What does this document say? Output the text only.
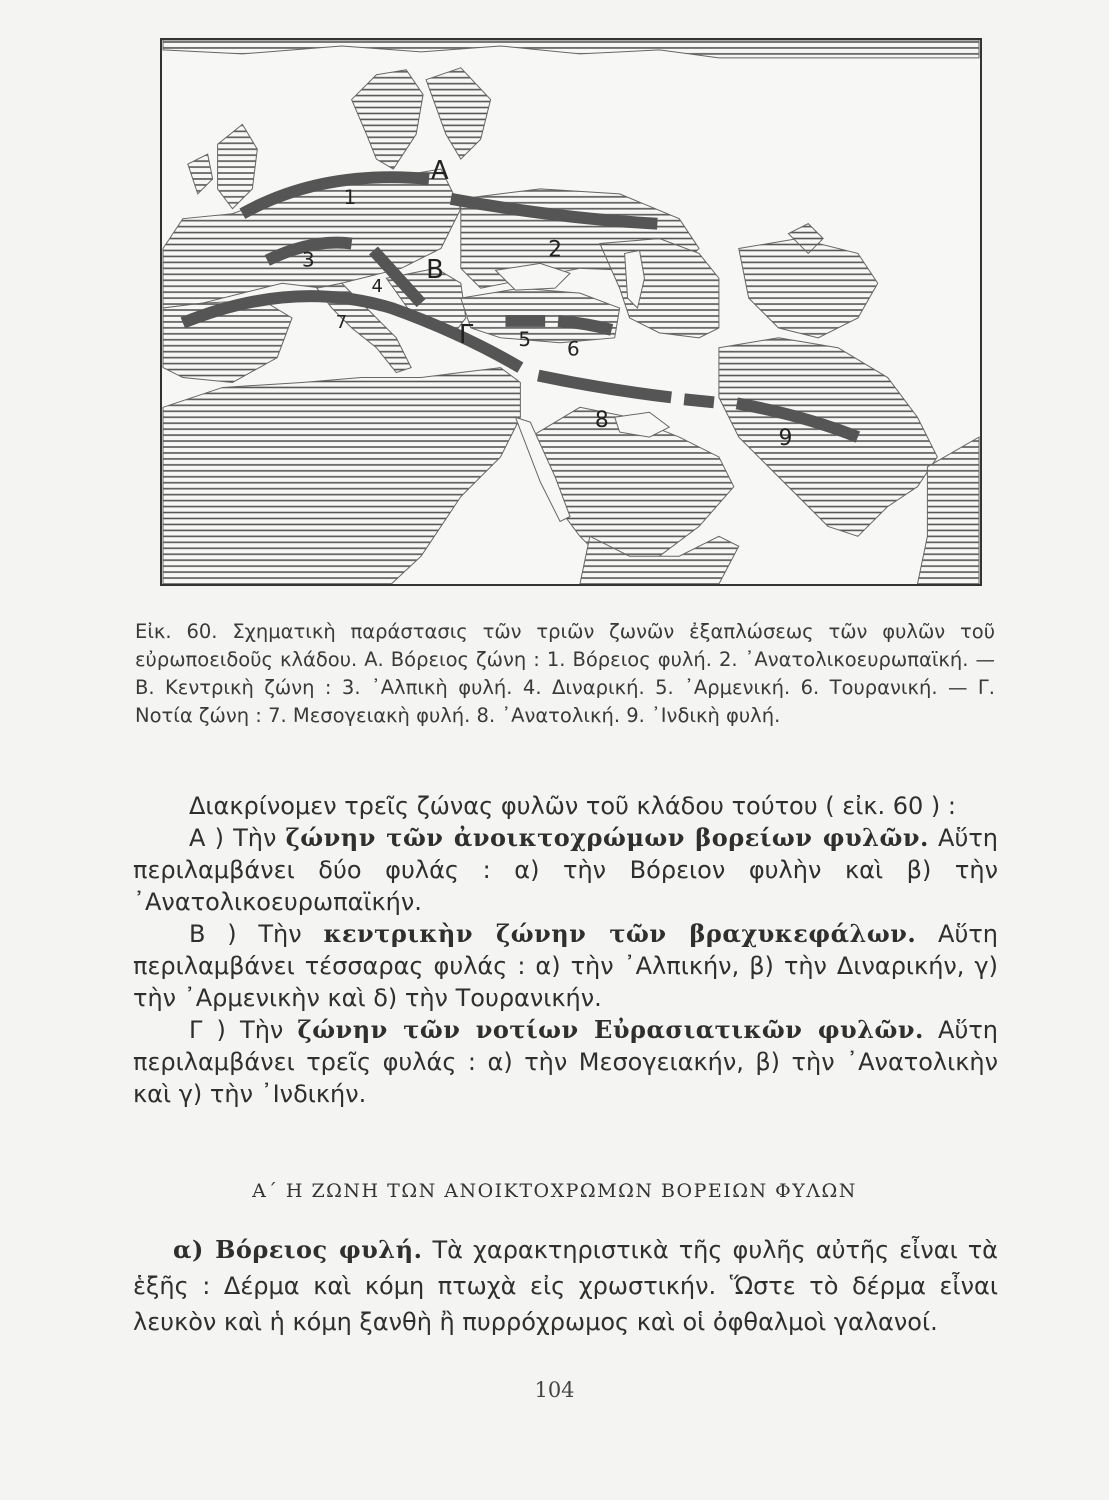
A
1
2
3
4
B
7	Γ 5 6
8
9
Εἰκ. 60. Σχηματικὴ παράστασις τῶν τριῶν ζωνῶν ἐξαπλώσεως τῶν φυλῶν τοῦ εὐρωποειδοῦς κλάδου. Α. Βόρειος ζώνη : 1. Βόρειος φυλή. 2. ᾿Ανατολικοευρωπαϊκή. — Β. Κεντρικὴ ζώνη : 3. ᾿Αλπικὴ φυλή. 4. Διναρική. 5. ᾿Αρμενική. 6. Τουρανική. — Γ. Νοτία ζώνη : 7. Μεσογειακὴ φυλή. 8. ᾿Ανατολική. 9. ᾿Ινδικὴ φυλή.

Διακρίνομεν τρεῖς ζώνας φυλῶν τοῦ κλάδου τούτου ( εἰκ. 60 ) :

Α ) Τὴν ζώνην τῶν ἀνοικτοχρώμων βορείων φυλῶν. Αὕτη περιλαμβάνει δύο φυλάς : α) τὴν Βόρειον φυλὴν καὶ β) τὴν ᾿Ανατολικοευρωπαϊκήν.

Β ) Τὴν κεντρικὴν ζώνην τῶν βραχυκεφάλων. Αὕτη περιλαμβάνει τέσσαρας φυλάς : α) τὴν ᾿Αλπικήν, β) τὴν Διναρικήν, γ) τὴν ᾿Αρμενικὴν καὶ δ) τὴν Τουρανικήν.

Γ ) Τὴν ζώνην τῶν νοτίων Εὐρασιατικῶν φυλῶν. Αὕτη περιλαμβάνει τρεῖς φυλάς : α) τὴν Μεσογειακήν, β) τὴν ᾿Ανατολικὴν καὶ γ) τὴν ᾿Ινδικήν.

Α΄ Η ΖΩΝΗ ΤΩΝ ΑΝΟΙΚΤΟΧΡΩΜΩΝ ΒΟΡΕΙΩΝ ΦΥΛΩΝ

α) Βόρειος φυλή. Τὰ χαρακτηριστικὰ τῆς φυλῆς αὐτῆς εἶναι τὰ ἑξῆς : Δέρμα καὶ κόμη πτωχὰ εἰς χρωστικήν. Ὥστε τὸ δέρμα εἶναι λευκὸν καὶ ἡ κόμη ξανθὴ ἢ πυρρόχρωμος καὶ οἱ ὀφθαλμοὶ γαλανοί.

104
